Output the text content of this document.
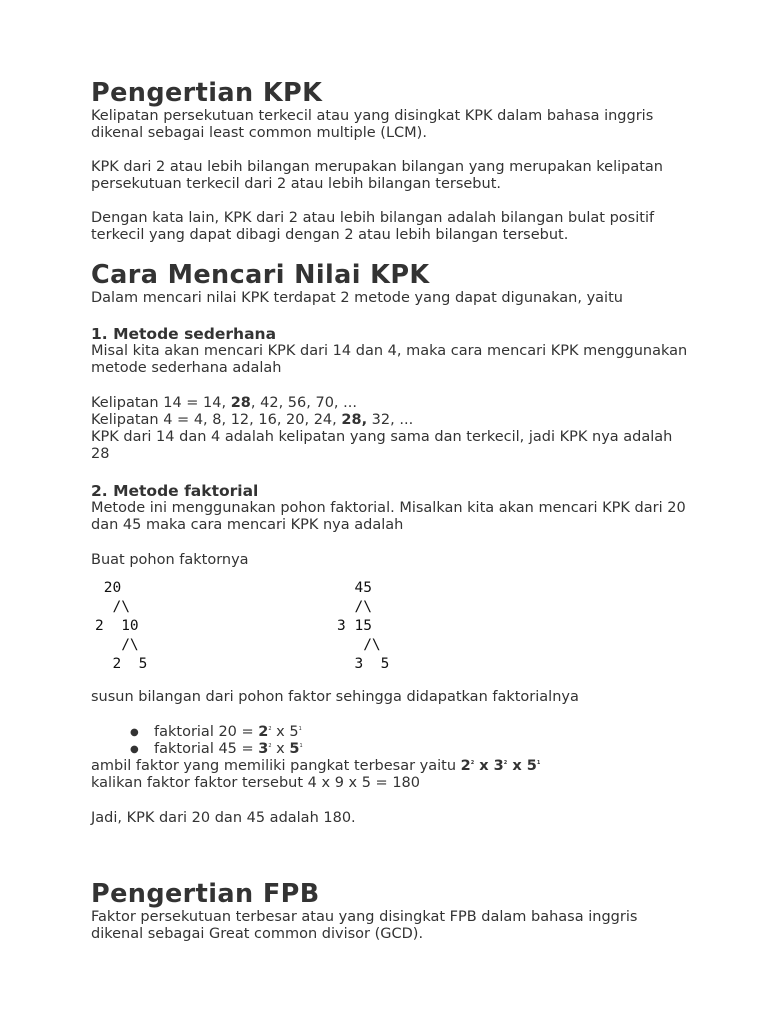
Pengertian KPK

Kelipatan persekutuan terkecil atau yang disingkat KPK dalam bahasa inggris dikenal sebagai least common multiple (LCM).

KPK dari 2 atau lebih bilangan merupakan bilangan yang merupakan kelipatan persekutuan terkecil dari 2 atau lebih bilangan tersebut.

Dengan kata lain, KPK dari 2 atau lebih bilangan adalah bilangan bulat positif terkecil yang dapat dibagi dengan 2 atau lebih bilangan tersebut.

Cara Mencari Nilai KPK

Dalam mencari nilai KPK terdapat 2 metode yang dapat digunakan, yaitu

1. Metode sederhana

Misal kita akan mencari KPK dari 14 dan 4, maka cara mencari KPK menggunakan metode sederhana adalah

Kelipatan 14 = 14, 28, 42, 56, 70, ...

Kelipatan 4 = 4, 8, 12, 16, 20, 24, 28, 32, ...

KPK dari 14 dan 4 adalah kelipatan yang sama dan terkecil, jadi KPK nya adalah 28

2. Metode faktorial

Metode ini menggunakan pohon faktorial. Misalkan kita akan mencari KPK dari 20 dan 45 maka cara mencari KPK nya adalah

Buat pohon faktornya

20
/\
2  10
/\
2  5
45
/\
3 15
/\
3  5

susun bilangan dari pohon faktor sehingga didapatkan faktorialnya

● faktorial $20 = 2^2$ x $5^1$
● faktorial $45 = 3^2$ x $5^1$

ambil faktor yang memiliki pangkat terbesar yaitu $2^2$ x $3^2$ x $5^1$

kalikan faktor faktor tersebut 4 x 9 x 5 = 180

Jadi, KPK dari 20 dan 45 adalah 180.

Pengertian FPB

Faktor persekutuan terbesar atau yang disingkat FPB dalam bahasa inggris dikenal sebagai Great common divisor (GCD).
